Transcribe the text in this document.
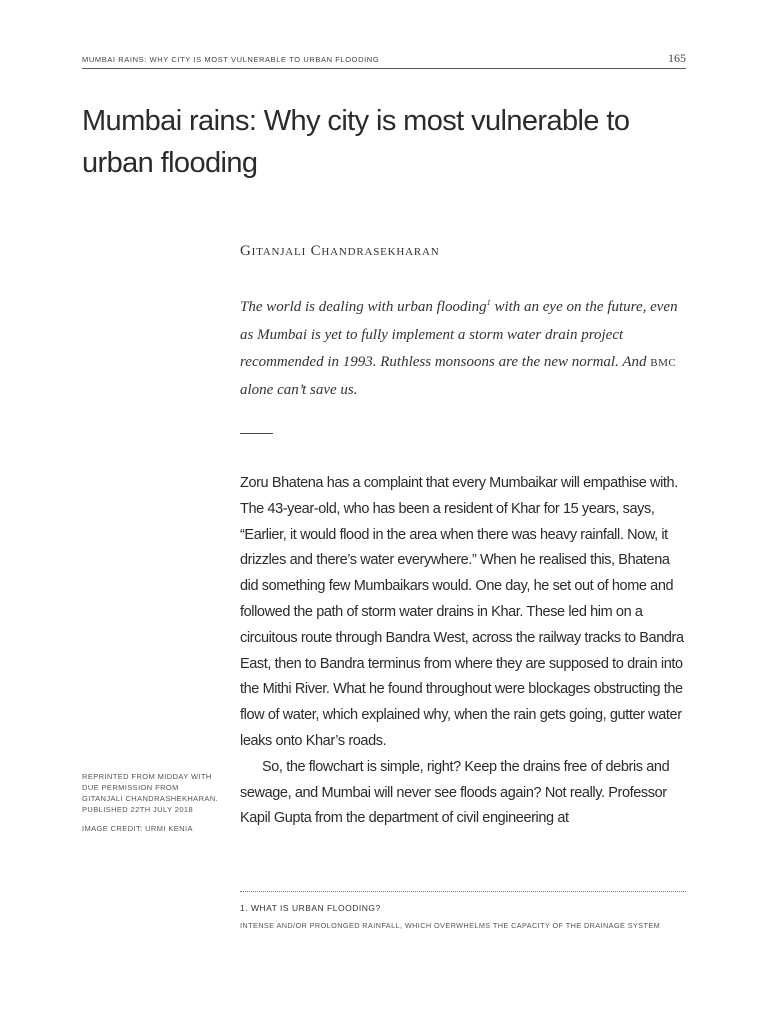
MUMBAI RAINS: WHY CITY IS MOST VULNERABLE TO URBAN FLOODING	165
Mumbai rains: Why city is most vulnerable to urban flooding
Gitanjali Chandrasekharan

The world is dealing with urban flooding$^1$ with an eye on the future, even as Mumbai is yet to fully implement a storm water drain project recommended in 1993. Ruthless monsoons are the new normal. And bmc alone can’t save us.

Zoru Bhatena has a complaint that every Mumbaikar will empathise with. The 43-year-old, who has been a resident of Khar for 15 years, says, “Earlier, it would flood in the area when there was heavy rainfall. Now, it drizzles and there’s water everywhere.” When he realised this, Bhatena did something few Mumbaikars would. One day, he set out of home and followed the path of storm water drains in Khar. These led him on a circuitous route through Bandra West, across the railway tracks to Bandra East, then to Bandra terminus from where they are supposed to drain into the Mithi River. What he found throughout were blockages obstructing the flow of water, which explained why, when the rain gets going, gutter water leaks onto Khar’s roads.

So, the flowchart is simple, right? Keep the drains free of debris and sewage, and Mumbai will never see floods again? Not really. Professor Kapil Gupta from the department of civil engineering at

REPRINTED FROM MIDDAY WITH DUE PERMISSION FROM GITANJALI CHANDRASHEKHARAN. PUBLISHED 22TH JULY 2018

IMAGE CREDIT: URMI KENIA

1. WHAT IS URBAN FLOODING?
INTENSE AND/OR PROLONGED RAINFALL, WHICH OVERWHELMS THE CAPACITY OF THE DRAINAGE SYSTEM
